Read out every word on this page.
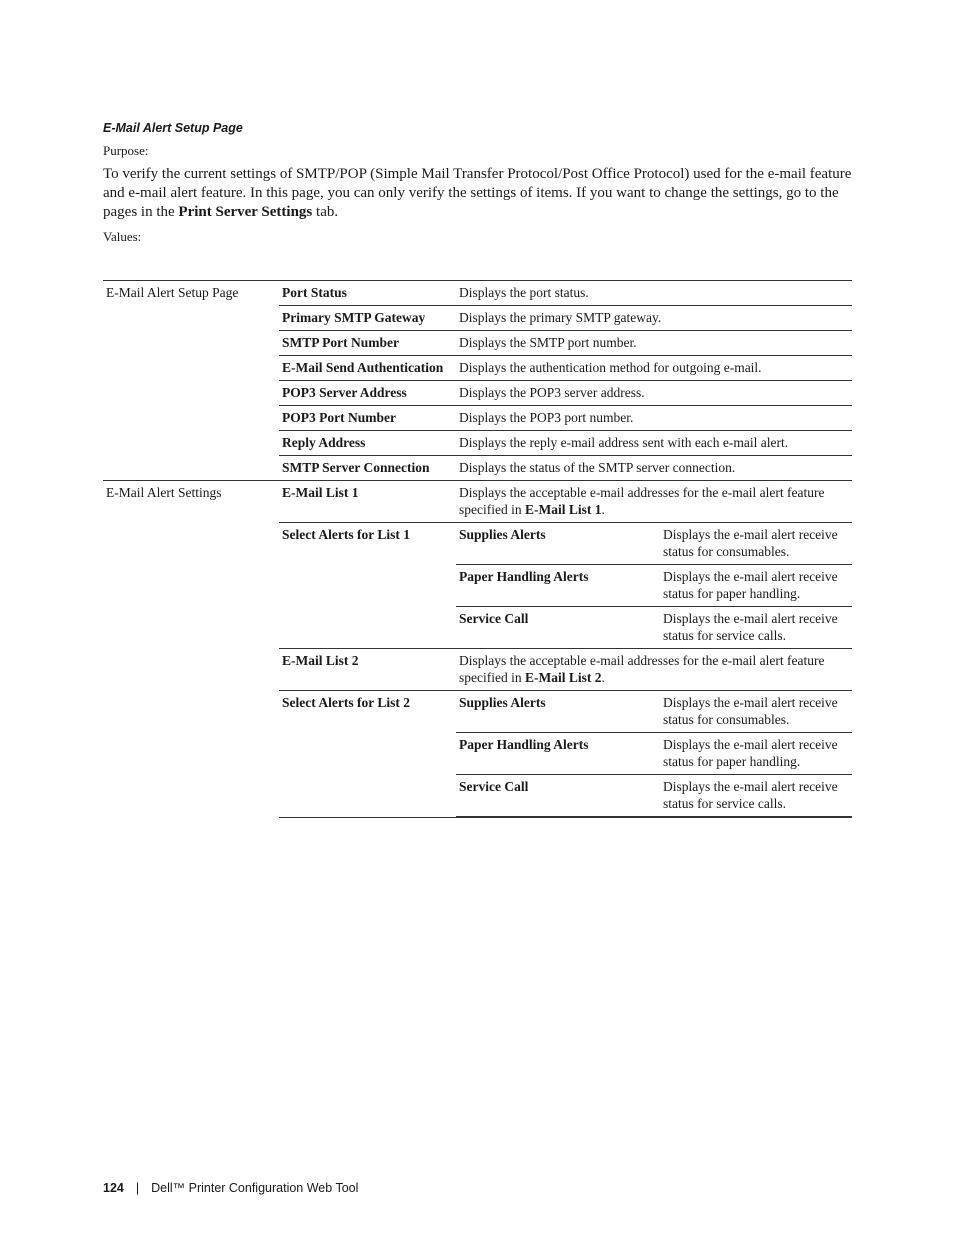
E-Mail Alert Setup Page
Purpose:

To verify the current settings of SMTP/POP (Simple Mail Transfer Protocol/Post Office Protocol) used for the e-mail feature and e-mail alert feature. In this page, you can only verify the settings of items. If you want to change the settings, go to the pages in the Print Server Settings tab.

Values:
E-Mail Alert Setup Page	Port Status	Displays the port status.
Primary SMTP Gateway	Displays the primary SMTP gateway.
SMTP Port Number	Displays the SMTP port number.
E-Mail Send Authentication	Displays the authentication method for outgoing e-mail.
POP3 Server Address	Displays the POP3 server address.
POP3 Port Number	Displays the POP3 port number.
Reply Address	Displays the reply e-mail address sent with each e-mail alert.
SMTP Server Connection	Displays the status of the SMTP server connection.
E-Mail Alert Settings	E-Mail List 1	Displays the acceptable e-mail addresses for the e-mail alert feature specified in E-Mail List 1.
Select Alerts for List 1		Supplies Alerts	Displays the e-mail alert receive status for consumables.
Paper Handling Alerts	Displays the e-mail alert receive status for paper handling.
Service Call	Displays the e-mail alert receive status for service calls.

E-Mail List 2	Displays the acceptable e-mail addresses for the e-mail alert feature specified in E-Mail List 2.
Select Alerts for List 2		Supplies Alerts	Displays the e-mail alert receive status for consumables.
Paper Handling Alerts	Displays the e-mail alert receive status for paper handling.
Service Call	Displays the e-mail alert receive status for service calls.
124 | Dell™ Printer Configuration Web Tool
